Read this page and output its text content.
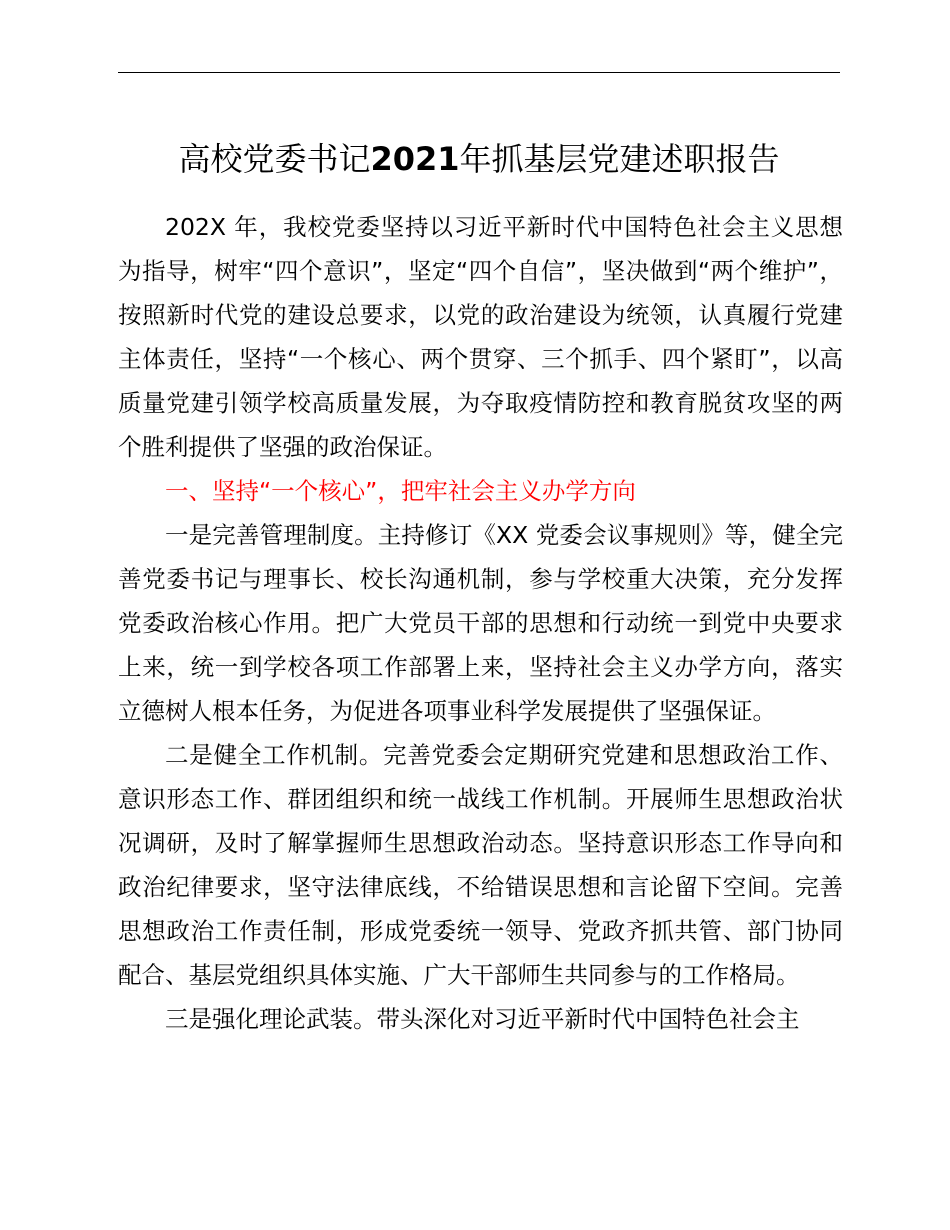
高校党委书记2021年抓基层党建述职报告

202X 年，我校党委坚持以习近平新时代中国特色社会主义思想为指导，树牢“四个意识”，坚定“四个自信”，坚决做到“两个维护”，按照新时代党的建设总要求，以党的政治建设为统领，认真履行党建主体责任，坚持“一个核心、两个贯穿、三个抓手、四个紧盯”，以高质量党建引领学校高质量发展，为夺取疫情防控和教育脱贫攻坚的两个胜利提供了坚强的政治保证。

一、坚持“一个核心”，把牢社会主义办学方向

一是完善管理制度。主持修订《XX 党委会议事规则》等，健全完善党委书记与理事长、校长沟通机制，参与学校重大决策，充分发挥党委政治核心作用。把广大党员干部的思想和行动统一到党中央要求上来，统一到学校各项工作部署上来，坚持社会主义办学方向，落实立德树人根本任务，为促进各项事业科学发展提供了坚强保证。

二是健全工作机制。完善党委会定期研究党建和思想政治工作、意识形态工作、群团组织和统一战线工作机制。开展师生思想政治状况调研，及时了解掌握师生思想政治动态。坚持意识形态工作导向和政治纪律要求，坚守法律底线，不给错误思想和言论留下空间。完善思想政治工作责任制，形成党委统一领导、党政齐抓共管、部门协同配合、基层党组织具体实施、广大干部师生共同参与的工作格局。

三是强化理论武装。带头深化对习近平新时代中国特色社会主
